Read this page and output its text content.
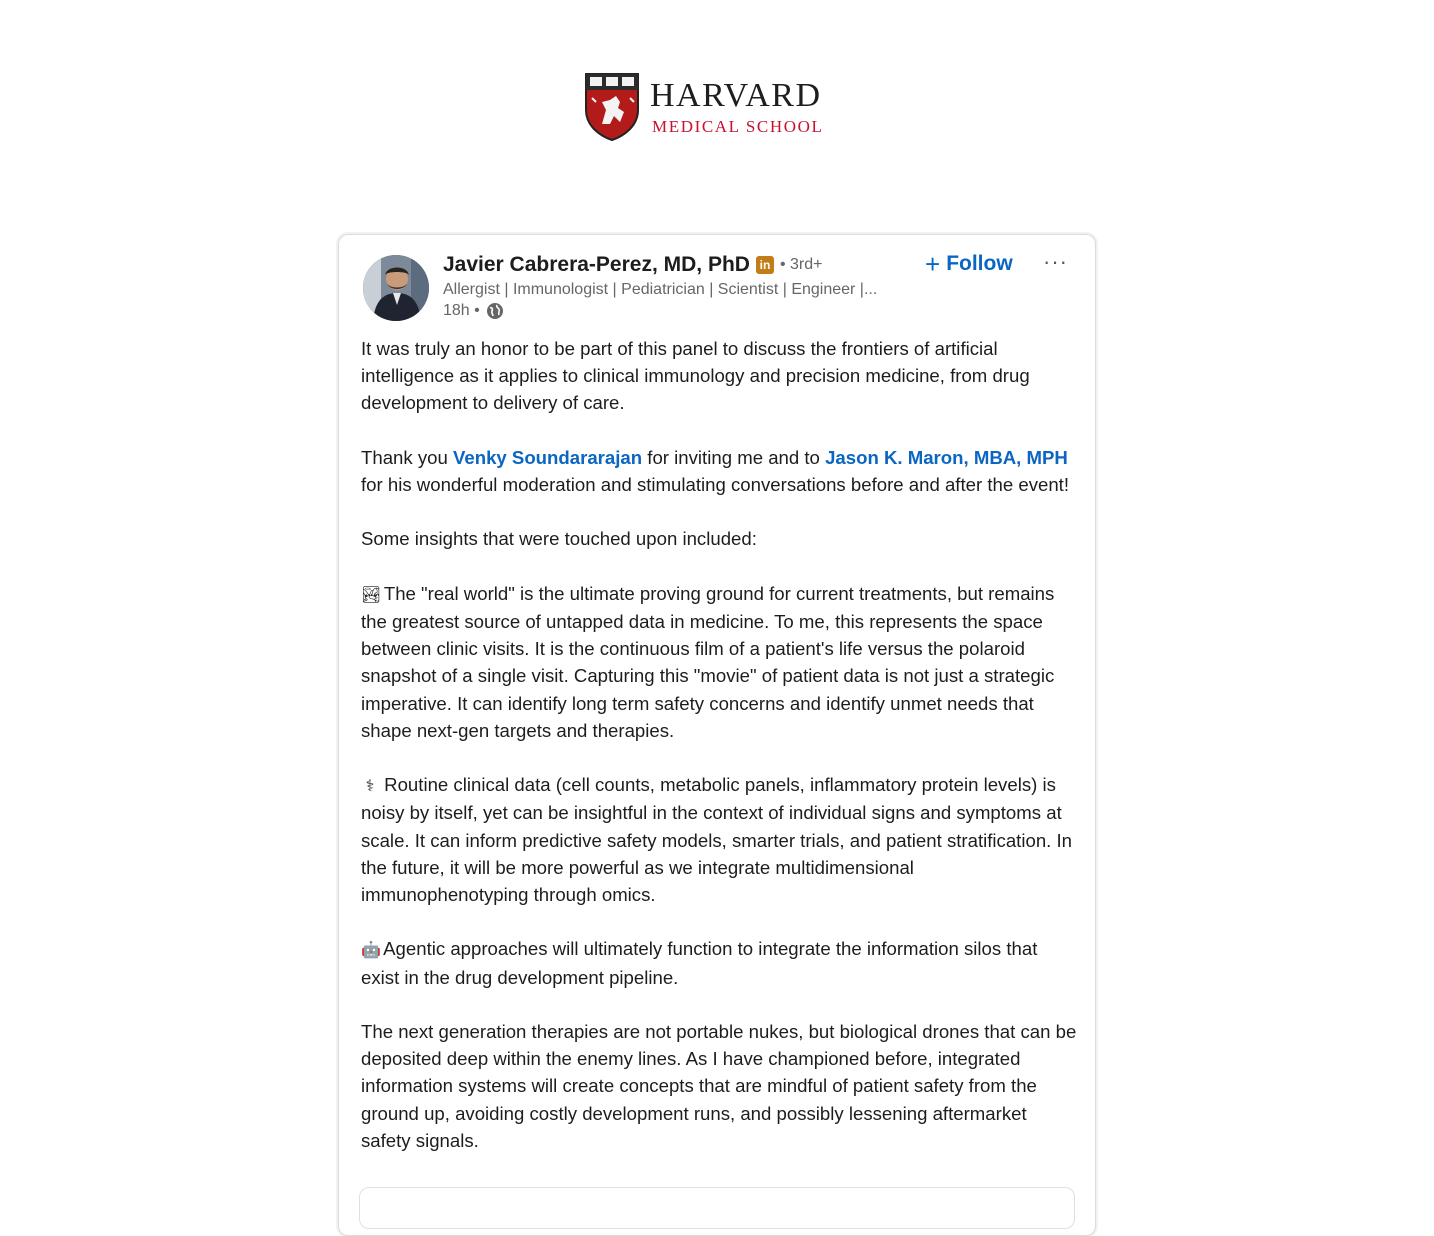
HARVARD
MEDICAL SCHOOL
Javier Cabrera-Perez, MD, PhD in • 3rd+
Allergist | Immunologist | Pediatrician | Scientist | Engineer |...
18h •
+ Follow ···

It was truly an honor to be part of this panel to discuss the frontiers of artificial intelligence as it applies to clinical immunology and precision medicine, from drug development to delivery of care.

Thank you Venky Soundararajan for inviting me and to Jason K. Maron, MBA, MPH for his wonderful moderation and stimulating conversations before and after the event!

Some insights that were touched upon included:

🏞 The "real world" is the ultimate proving ground for current treatments, but remains the greatest source of untapped data in medicine. To me, this represents the space between clinic visits. It is the continuous film of a patient's life versus the polaroid snapshot of a single visit. Capturing this "movie" of patient data is not just a strategic imperative. It can identify long term safety concerns and identify unmet needs that shape next-gen targets and therapies.

⚕ Routine clinical data (cell counts, metabolic panels, inflammatory protein levels) is noisy by itself, yet can be insightful in the context of individual signs and symptoms at scale. It can inform predictive safety models, smarter trials, and patient stratification. In the future, it will be more powerful as we integrate multidimensional immunophenotyping through omics.

🤖 Agentic approaches will ultimately function to integrate the information silos that exist in the drug development pipeline.

The next generation therapies are not portable nukes, but biological drones that can be deposited deep within the enemy lines. As I have championed before, integrated information systems will create concepts that are mindful of patient safety from the ground up, avoiding costly development runs, and possibly lessening aftermarket safety signals.
